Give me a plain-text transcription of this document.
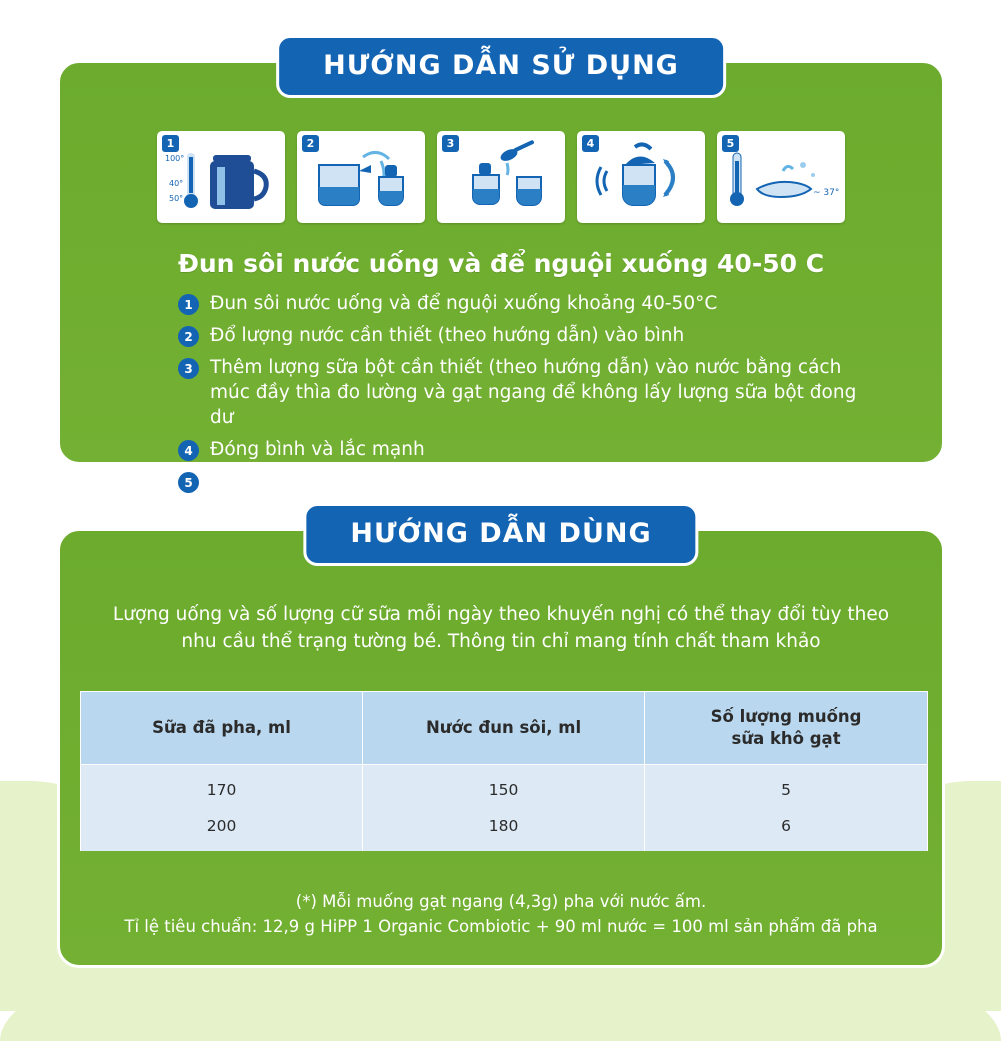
HƯỚNG DẪN SỬ DỤNG
100°
40°
50°
1	2	3	4
~ 37°
5
Đun sôi nước uống và để nguội xuống 40-50 C
1 Đun sôi nước uống và để nguội xuống khoảng 40-50°C
2 Đổ lượng nước cần thiết (theo hướng dẫn) vào bình
3 Thêm lượng sữa bột cần thiết (theo hướng dẫn) vào nước bằng cách múc đầy thìa đo lường và gạt ngang để không lấy lượng sữa bột đong dư
4 Đóng bình và lắc mạnh
5 Để sữa nguội đến nhiệt độ uống (khoảng 37°C) kiểm tra nhiệt độ
HƯỚNG DẪN DÙNG
Lượng uống và số lượng cữ sữa mỗi ngày theo khuyến nghị có thể thay đổi tùy theo nhu cầu thể trạng tường bé. Thông tin chỉ mang tính chất tham khảo
Sữa đã pha, ml	Nước đun sôi, ml	Số lượng muống
sữa khô gạt
170	150	5
200	180	6
(*) Mỗi muống gạt ngang (4,3g) pha với nước ấm.
Tỉ lệ tiêu chuẩn: 12,9 g HiPP 1 Organic Combiotic + 90 ml nước = 100 ml sản phẩm đã pha
